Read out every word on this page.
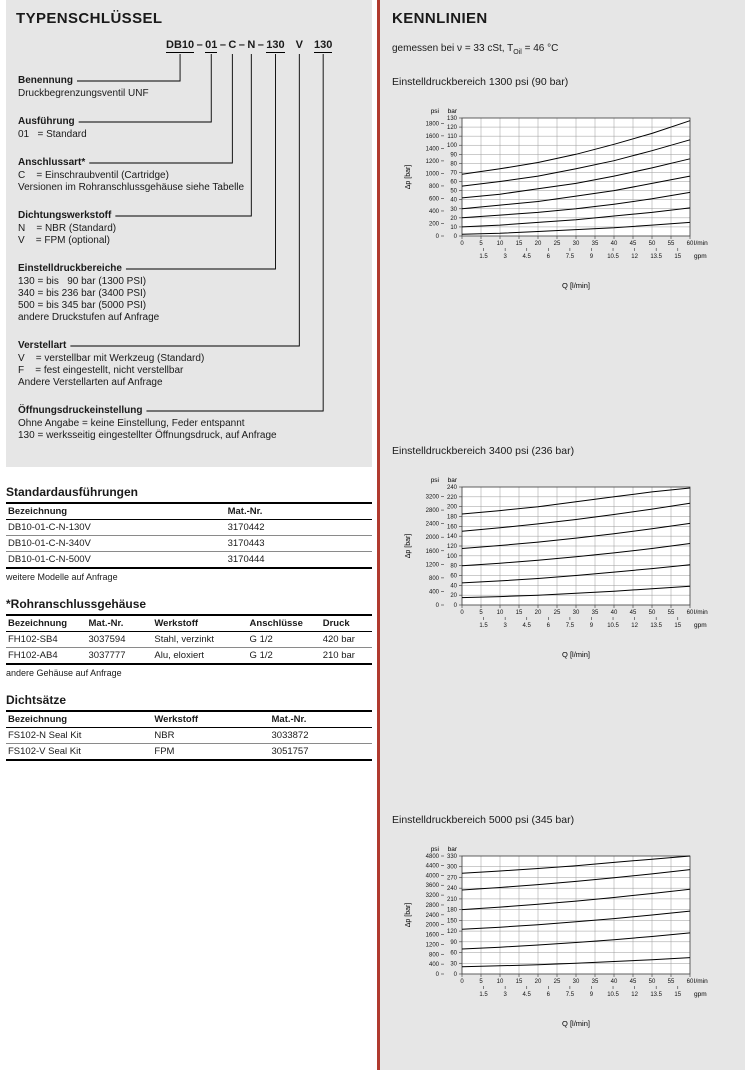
TYPENSCHLÜSSEL
DB10 – 01 – C – N – 130 V 130
Benennung
Druckbegrenzungsventil UNF
Ausführung
01   = Standard
Anschlussart*
C    = Einschraubventil (Cartridge)
Versionen im Rohranschlussgehäuse siehe Tabelle
Dichtungswerkstoff
N    = NBR (Standard)
V    = FPM (optional)
Einstelldruckbereiche
130 = bis   90 bar (1300 PSI)
340 = bis 236 bar (3400 PSI)
500 = bis 345 bar (5000 PSI)
andere Druckstufen auf Anfrage
Verstellart
V    = verstellbar mit Werkzeug (Standard)
F    = fest eingestellt, nicht verstellbar
Andere Verstellarten auf Anfrage
Öffnungsdruckeinstellung
Ohne Angabe = keine Einstellung, Feder entspannt
130 = werksseitig eingestellter Öffnungsdruck, auf Anfrage
Standardausführungen
Bezeichnung	Mat.-Nr.
DB10-01-C-N-130V	3170442
DB10-01-C-N-340V	3170443
DB10-01-C-N-500V	3170444
weitere Modelle auf Anfrage
*Rohranschlussgehäuse
Bezeichnung	Mat.-Nr.	Werkstoff	Anschlüsse	Druck
FH102-SB4	3037594	Stahl, verzinkt	G 1/2	420 bar
FH102-AB4	3037777	Alu, eloxiert	G 1/2	210 bar
andere Gehäuse auf Anfrage
Dichtsätze
Bezeichnung	Werkstoff	Mat.-Nr.
FS102-N Seal Kit	NBR	3033872
FS102-V Seal Kit	FPM	3051757
KENNLINIEN
gemessen bei ν = 33 cSt, $T_{Oil} = 46$ °C
Einstelldruckbereich 1300 psi (90 bar)
0	5 10 15 20 25 30 35 40 45 50 55 60
0
10
20
30
40
50
60
70
80
90
100
110
120
130
0
200
400
600
800
1000
1200
1400
1600
1800
1.5	3	4.5	6	7.5	9 10.5 12 13.5 15
psi bar
l/min
gpm
Δp [bar]
Q [l/min]
Einstelldruckbereich 3400 psi (236 bar)
0	5 10 15 20 25 30 35 40 45 50 55 60
0
20
40
60
80
100
120
140
160
180
200
220
240
0
400
800
1200
1600
2000
2400
2800
3200
1.5	3	4.5	6	7.5	9 10.5 12 13.5 15
psi bar
l/min
gpm
Δp [bar]
Q [l/min]
Einstelldruckbereich 5000 psi (345 bar)
0	5 10 15 20 25 30 35 40 45 50 55 60
0
30
60
90
120
150
180
210
240
270
300
330
0
400
800
1200
1600
2000
2400
2800
3200
3600
4000
4400
4800
1.5	3	4.5	6	7.5	9 10.5 12 13.5 15
psi bar
l/min
gpm
Δp [bar]
Q [l/min]
